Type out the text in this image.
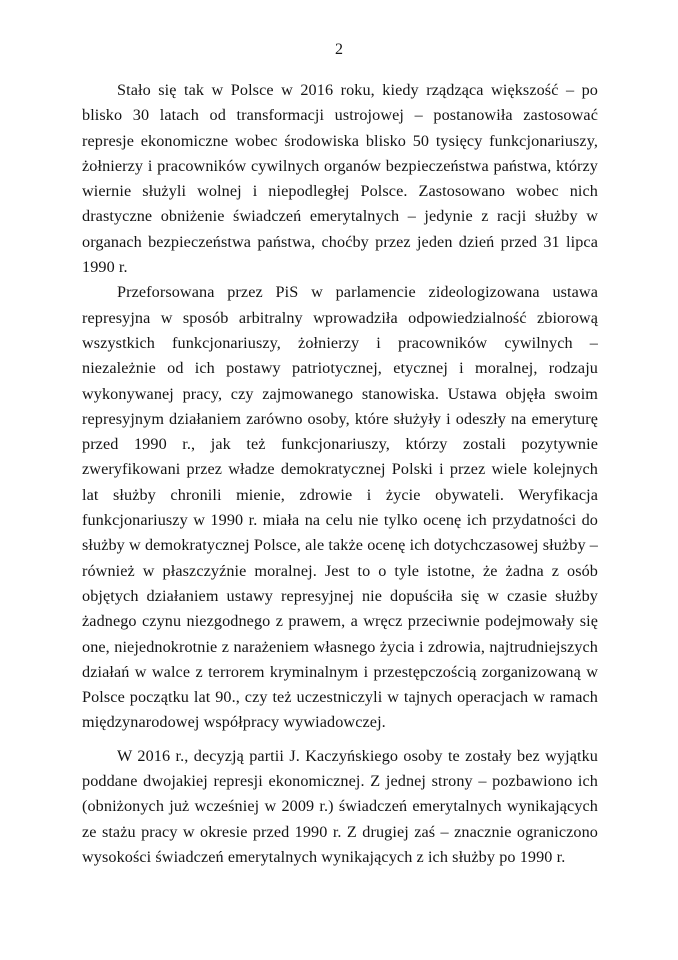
2

Stało się tak w Polsce w 2016 roku, kiedy rządząca większość – po blisko 30 latach od transformacji ustrojowej – postanowiła zastosować represje ekonomiczne wobec środowiska blisko 50 tysięcy funkcjonariuszy, żołnierzy i pracowników cywilnych organów bezpieczeństwa państwa, którzy wiernie służyli wolnej i niepodległej Polsce. Zastosowano wobec nich drastyczne obniżenie świadczeń emerytalnych – jedynie z racji służby w organach bezpieczeństwa państwa, choćby przez jeden dzień przed 31 lipca 1990 r.

Przeforsowana przez PiS w parlamencie zideologizowana ustawa represyjna w sposób arbitralny wprowadziła odpowiedzialność zbiorową wszystkich funkcjonariuszy, żołnierzy i pracowników cywilnych – niezależnie od ich postawy patriotycznej, etycznej i moralnej, rodzaju wykonywanej pracy, czy zajmowanego stanowiska. Ustawa objęła swoim represyjnym działaniem zarówno osoby, które służyły i odeszły na emeryturę przed 1990 r., jak też funkcjonariuszy, którzy zostali pozytywnie zweryfikowani przez władze demokratycznej Polski i przez wiele kolejnych lat służby chronili mienie, zdrowie i życie obywateli. Weryfikacja funkcjonariuszy w 1990 r. miała na celu nie tylko ocenę ich przydatności do służby w demokratycznej Polsce, ale także ocenę ich dotychczasowej służby – również w płaszczyźnie moralnej. Jest to o tyle istotne, że żadna z osób objętych działaniem ustawy represyjnej nie dopuściła się w czasie służby żadnego czynu niezgodnego z prawem, a wręcz przeciwnie podejmowały się one, niejednokrotnie z narażeniem własnego życia i zdrowia, najtrudniejszych działań w walce z terrorem kryminalnym i przestępczością zorganizowaną w Polsce początku lat 90., czy też uczestniczyli w tajnych operacjach w ramach międzynarodowej współpracy wywiadowczej.

W 2016 r., decyzją partii J. Kaczyńskiego osoby te zostały bez wyjątku poddane dwojakiej represji ekonomicznej. Z jednej strony – pozbawiono ich (obniżonych już wcześniej w 2009 r.) świadczeń emerytalnych wynikających ze stażu pracy w okresie przed 1990 r. Z drugiej zaś – znacznie ograniczono wysokości świadczeń emerytalnych wynikających z ich służby po 1990 r.
